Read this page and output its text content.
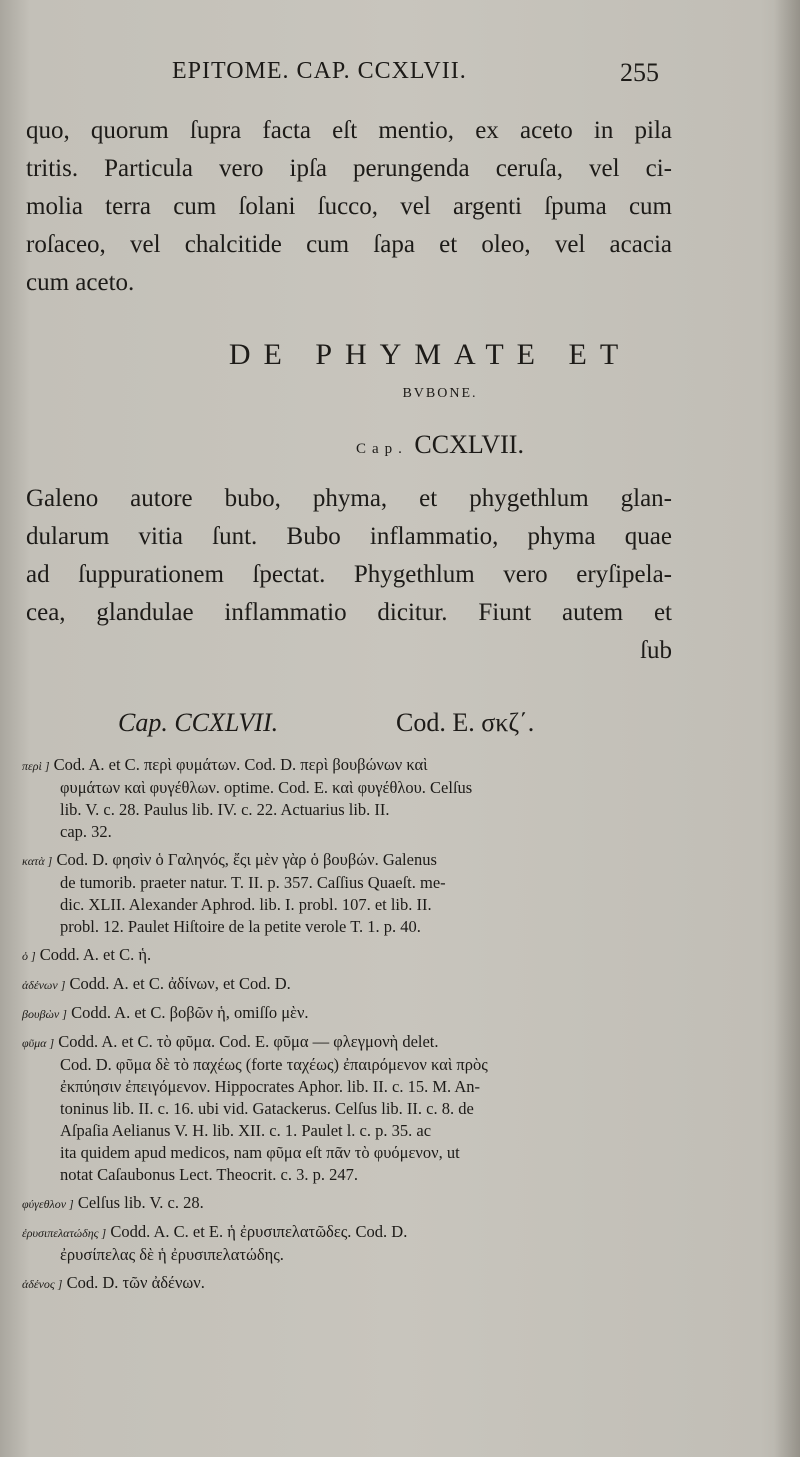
EPITOME. CAP. CCXLVII.	255
quo, quorum ſupra facta eſt mentio, ex aceto in pila
tritis. Particula vero ipſa perungenda ceruſa, vel ci-
molia terra cum ſolani ſucco, vel argenti ſpuma cum
roſaceo, vel chalcitide cum ſapa et oleo, vel acacia
cum aceto.
DE PHYMATE ET
BVBONE.
Cap. CCXLVII.
Galeno autore bubo, phyma, et phygethlum glan-
dularum vitia ſunt. Bubo inflammatio, phyma quae
ad ſuppurationem ſpectat. Phygethlum vero eryſipela-
cea, glandulae inflammatio dicitur. Fiunt autem et
ſub
Cap. CCXLVII.	Cod. E. σκζ΄.
περὶ ] Cod. A. et C. περὶ φυμάτων. Cod. D. περὶ βουβώνων καὶ
φυμάτων καὶ φυγέθλων. optime. Cod. E. καὶ φυγέθλου. Celſus
lib. V. c. 28. Paulus lib. IV. c. 22. Actuarius lib. II.
cap. 32.
κατὰ ] Cod. D. φησὶν ὁ Γαληνός, ἔςι μὲν γὰρ ὁ βουβών. Galenus
de tumorib. praeter natur. T. II. p. 357. Caſſius Quaeſt. me-
dic. XLII. Alexander Aphrod. lib. I. probl. 107. et lib. II.
probl. 12. Paulet Hiſtoire de la petite verole T. 1. p. 40.
ὁ ] Codd. A. et C. ἡ.
ἀδένων ] Codd. A. et C. ἀδίνων, et Cod. D.
βουβὼν ] Codd. A. et C. βοβῶν ἡ, omiſſo μὲν.
φῦμα ] Codd. A. et C. τὸ φῦμα. Cod. E. φῦμα — φλεγμονὴ delet.
Cod. D. φῦμα δὲ τὸ παχέως (forte ταχέως) ἐπαιρόμενον καὶ πρὸς
ἐκπύησιν ἐπειγόμενον. Hippocrates Aphor. lib. II. c. 15. M. An-
toninus lib. II. c. 16. ubi vid. Gatackerus. Celſus lib. II. c. 8. de
Aſpaſia Aelianus V. H. lib. XII. c. 1. Paulet l. c. p. 35. ac
ita quidem apud medicos, nam φῦμα eſt πᾶν τὸ φυόμενον, ut
notat Caſaubonus Lect. Theocrit. c. 3. p. 247.
φύγεθλον ] Celſus lib. V. c. 28.
ἐρυσιπελατώδης ] Codd. A. C. et E. ἡ ἐρυσιπελατῶδες. Cod. D.
ἐρυσίπελας δὲ ἡ ἐρυσιπελατώδης.
ἀδένος ] Cod. D. τῶν ἀδένων.
